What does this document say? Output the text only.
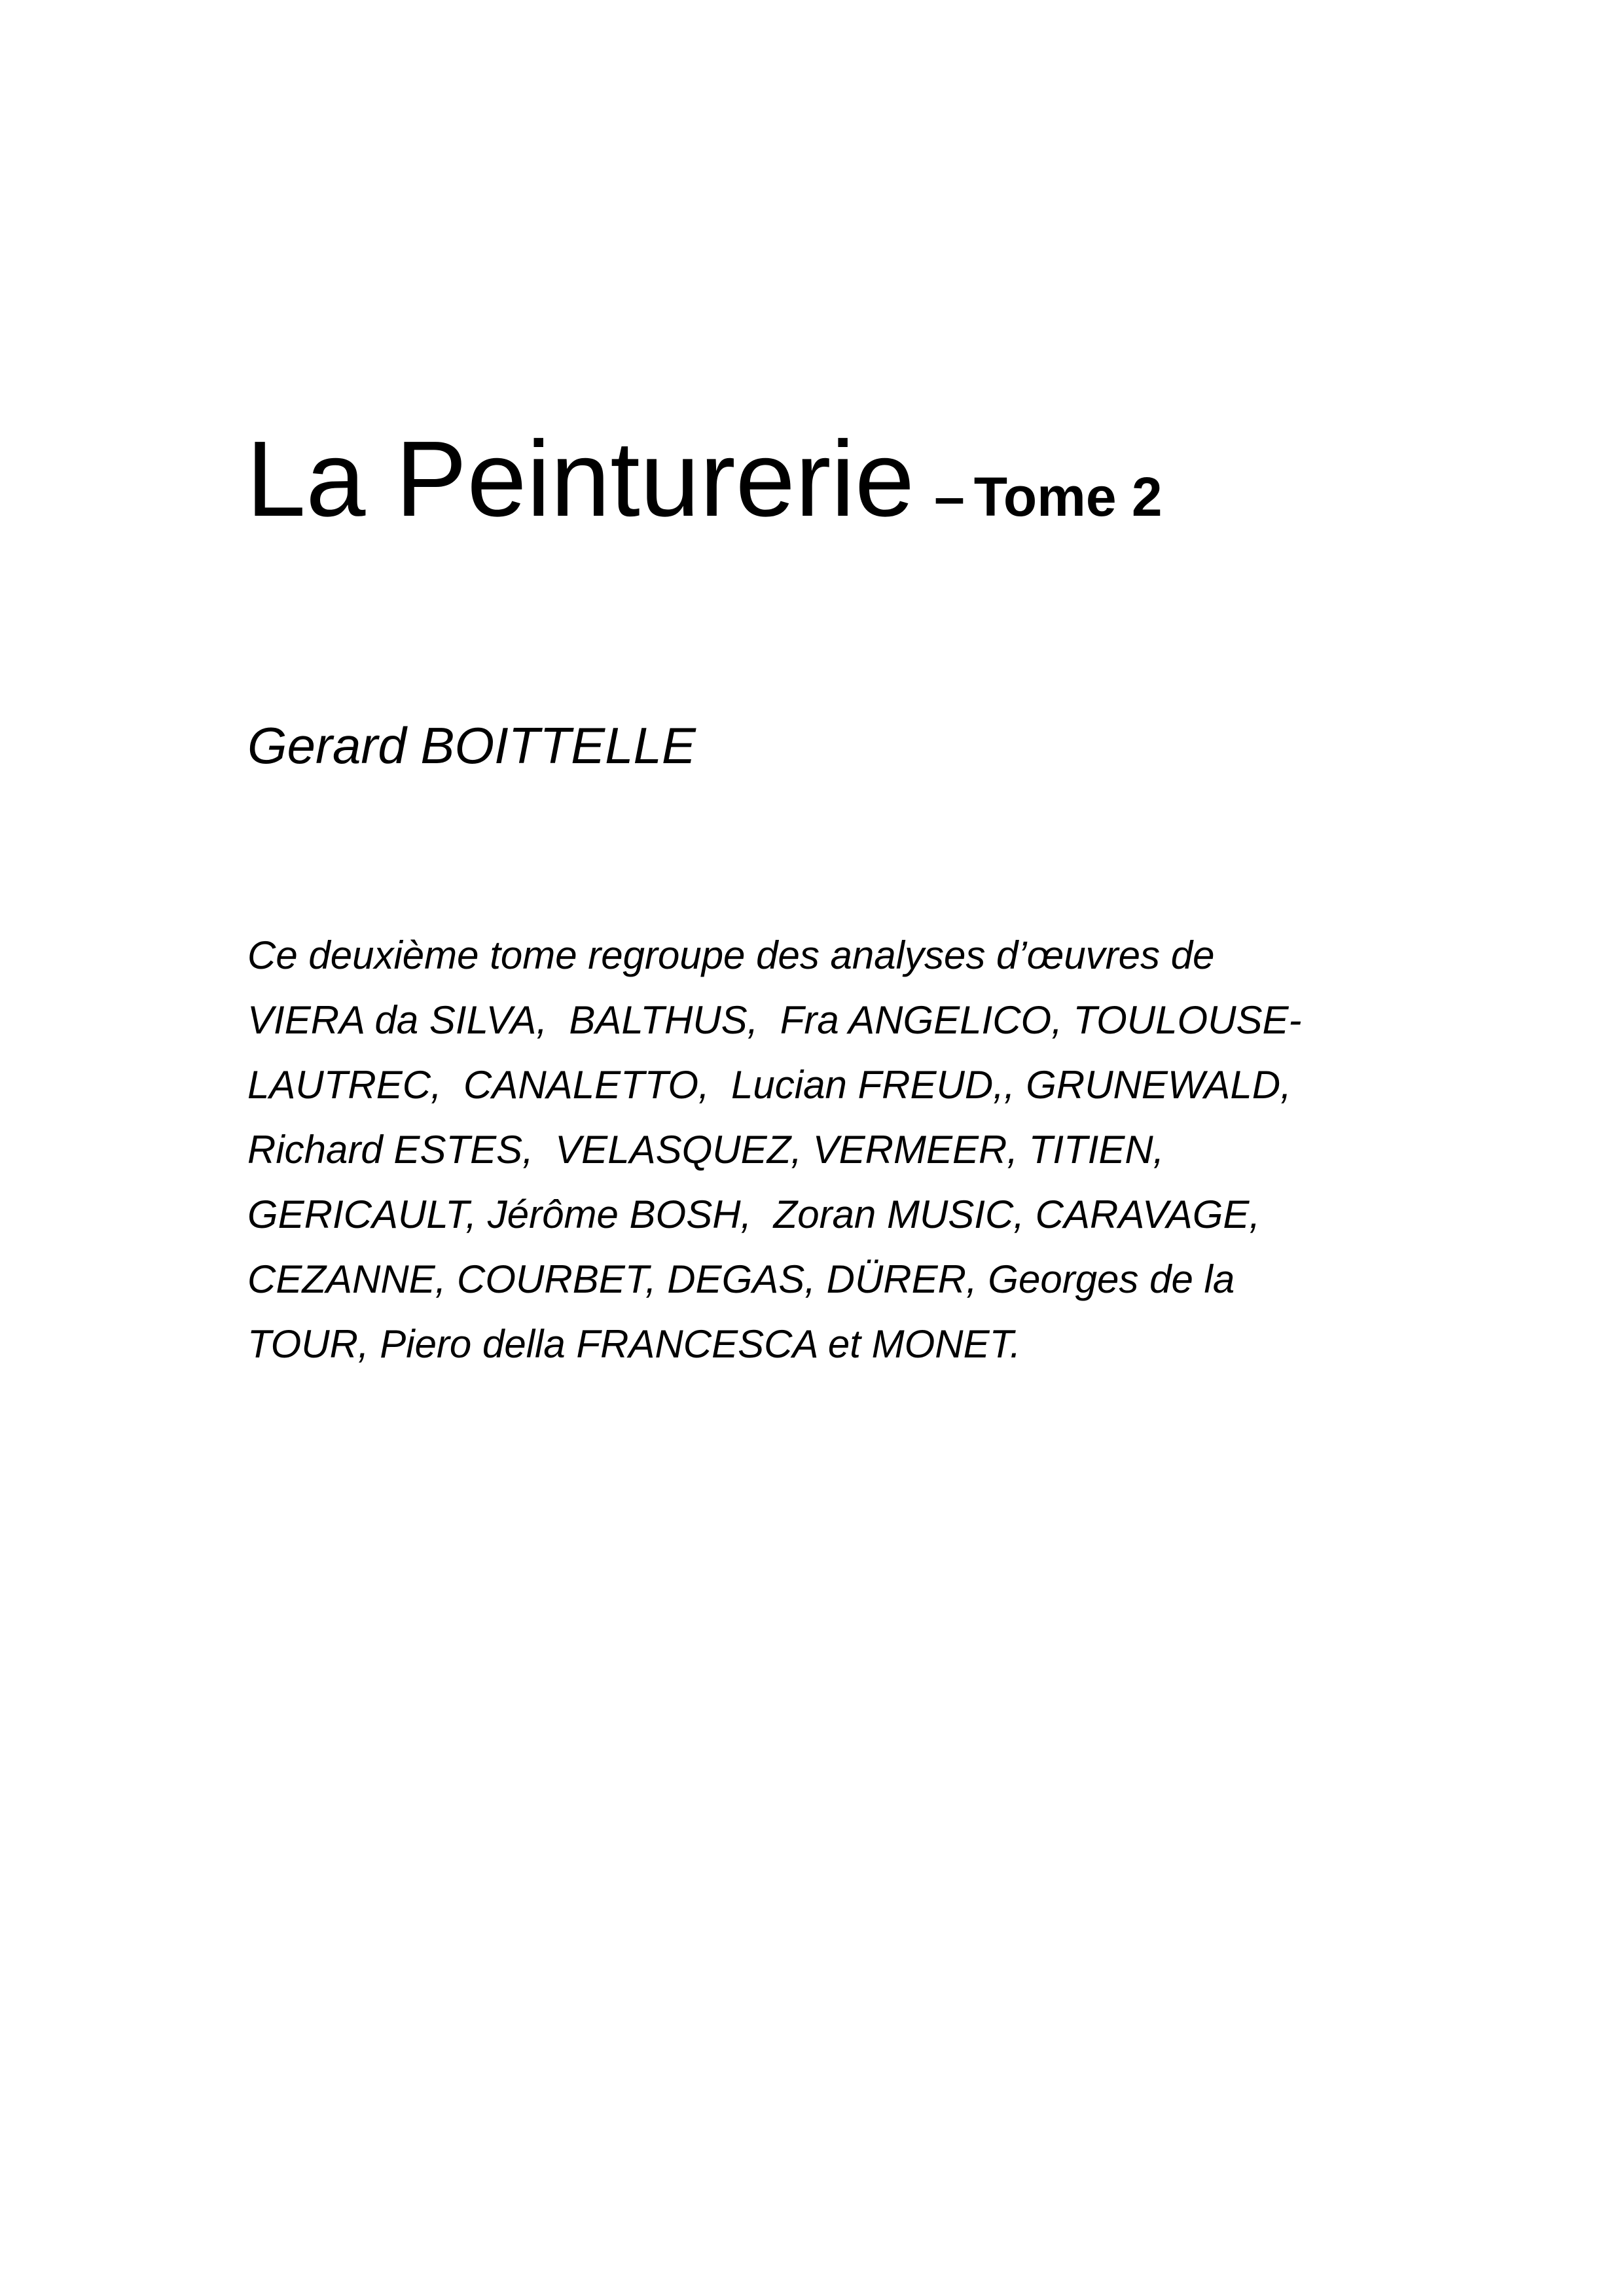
La Peinturerie – Tome 2
Gerard BOITTELLE

Ce deuxième tome regroupe des analyses d’œuvres de
VIERA da SILVA,  BALTHUS,  Fra ANGELICO, TOULOUSE-
LAUTREC,  CANALETTO,  Lucian FREUD,, GRUNEWALD,
Richard ESTES,  VELASQUEZ, VERMEER, TITIEN,
GERICAULT, Jérôme BOSH,  Zoran MUSIC, CARAVAGE,
CEZANNE, COURBET, DEGAS, DÜRER, Georges de la
TOUR, Piero della FRANCESCA et MONET.
